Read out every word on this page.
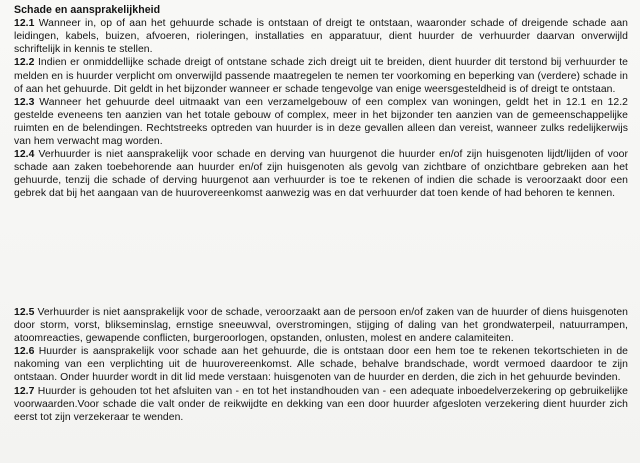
Schade en aansprakelijkheid

12.1 Wanneer in, op of aan het gehuurde schade is ontstaan of dreigt te ontstaan, waaronder schade of dreigende schade aan leidingen, kabels, buizen, afvoeren, rioleringen, installaties en apparatuur, dient huurder de verhuurder daarvan onverwijld schriftelijk in kennis te stellen.

12.2 Indien er onmiddellijke schade dreigt of ontstane schade zich dreigt uit te breiden, dient huurder dit terstond bij verhuurder te melden en is huurder verplicht om onverwijld passende maatregelen te nemen ter voorkoming en beperking van (verdere) schade in of aan het gehuurde. Dit geldt in het bijzonder wanneer er schade tengevolge van enige weersgesteldheid is of dreigt te ontstaan.

12.3 Wanneer het gehuurde deel uitmaakt van een verzamelgebouw of een complex van woningen, geldt het in 12.1 en 12.2 gestelde eveneens ten aanzien van het totale gebouw of complex, meer in het bijzonder ten aanzien van de gemeenschappelijke ruimten en de belendingen. Rechtstreeks optreden van huurder is in deze gevallen alleen dan vereist, wanneer zulks redelijkerwijs van hem verwacht mag worden.

12.4 Verhuurder is niet aansprakelijk voor schade en derving van huurgenot die huurder en/of zijn huisgenoten lijdt/lijden of voor schade aan zaken toebehorende aan huurder en/of zijn huisgenoten als gevolg van zichtbare of onzichtbare gebreken aan het gehuurde, tenzij die schade of derving huurgenot aan verhuurder is toe te rekenen of indien die schade is veroorzaakt door een gebrek dat bij het aangaan van de huurovereenkomst aanwezig was en dat verhuurder dat toen kende of had behoren te kennen.

12.5 Verhuurder is niet aansprakelijk voor de schade, veroorzaakt aan de persoon en/of zaken van de huurder of diens huisgenoten door storm, vorst, blikseminslag, ernstige sneeuwval, overstromingen, stijging of daling van het grondwaterpeil, natuurrampen, atoomreacties, gewapende conflicten, burgeroorlogen, opstanden, onlusten, molest en andere calamiteiten.

12.6 Huurder is aansprakelijk voor schade aan het gehuurde, die is ontstaan door een hem toe te rekenen tekortschieten in de nakoming van een verplichting uit de huurovereenkomst. Alle schade, behalve brandschade, wordt vermoed daardoor te zijn ontstaan. Onder huurder wordt in dit lid mede verstaan: huisgenoten van de huurder en derden, die zich in het gehuurde bevinden.

12.7 Huurder is gehouden tot het afsluiten van - en tot het instandhouden van - een adequate inboedelverzekering op gebruikelijke voorwaarden.Voor schade die valt onder de reikwijdte en dekking van een door huurder afgesloten verzekering dient huurder zich eerst tot zijn verzekeraar te wenden.
